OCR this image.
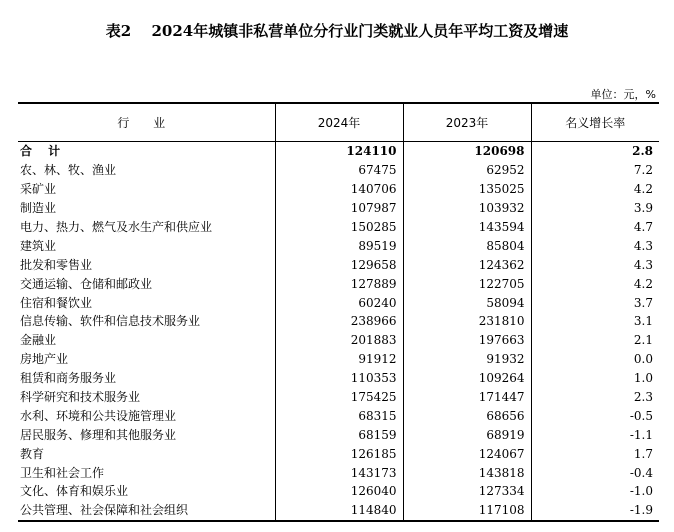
表2　 2024年城镇非私营单位分行业门类就业人员年平均工资及增速
单位：元，%
行 业	2024年	2023年	名义增长率
合 计	124110	120698	2.8
农、林、牧、渔业	67475	62952	7.2
采矿业	140706	135025	4.2
制造业	107987	103932	3.9
电力、热力、燃气及水生产和供应业	150285	143594	4.7
建筑业	89519	85804	4.3
批发和零售业	129658	124362	4.3
交通运输、仓储和邮政业	127889	122705	4.2
住宿和餐饮业	60240	58094	3.7
信息传输、软件和信息技术服务业	238966	231810	3.1
金融业	201883	197663	2.1
房地产业	91912	91932	0.0
租赁和商务服务业	110353	109264	1.0
科学研究和技术服务业	175425	171447	2.3
水利、环境和公共设施管理业	68315	68656	-0.5
居民服务、修理和其他服务业	68159	68919	-1.1
教育	126185	124067	1.7
卫生和社会工作	143173	143818	-0.4
文化、体育和娱乐业	126040	127334	-1.0
公共管理、社会保障和社会组织	114840	117108	-1.9
